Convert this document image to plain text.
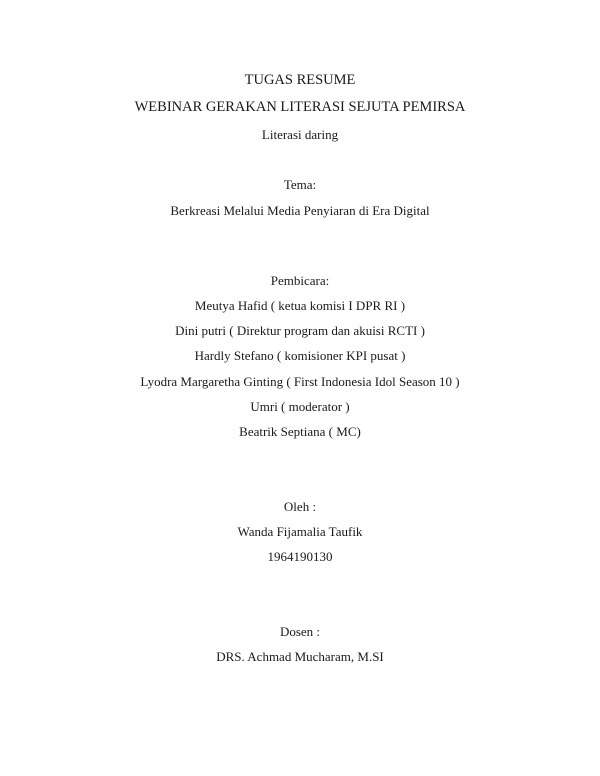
TUGAS RESUME
WEBINAR GERAKAN LITERASI SEJUTA PEMIRSA
Literasi daring
Tema:
Berkreasi Melalui Media Penyiaran di Era Digital
Pembicara:
Meutya Hafid ( ketua komisi I DPR RI )
Dini putri ( Direktur program dan akuisi RCTI )
Hardly Stefano ( komisioner KPI pusat )
Lyodra Margaretha Ginting ( First Indonesia Idol Season 10 )
Umri ( moderator )
Beatrik Septiana ( MC)
Oleh :
Wanda Fijamalia Taufik
1964190130
Dosen :
DRS. Achmad Mucharam, M.SI
